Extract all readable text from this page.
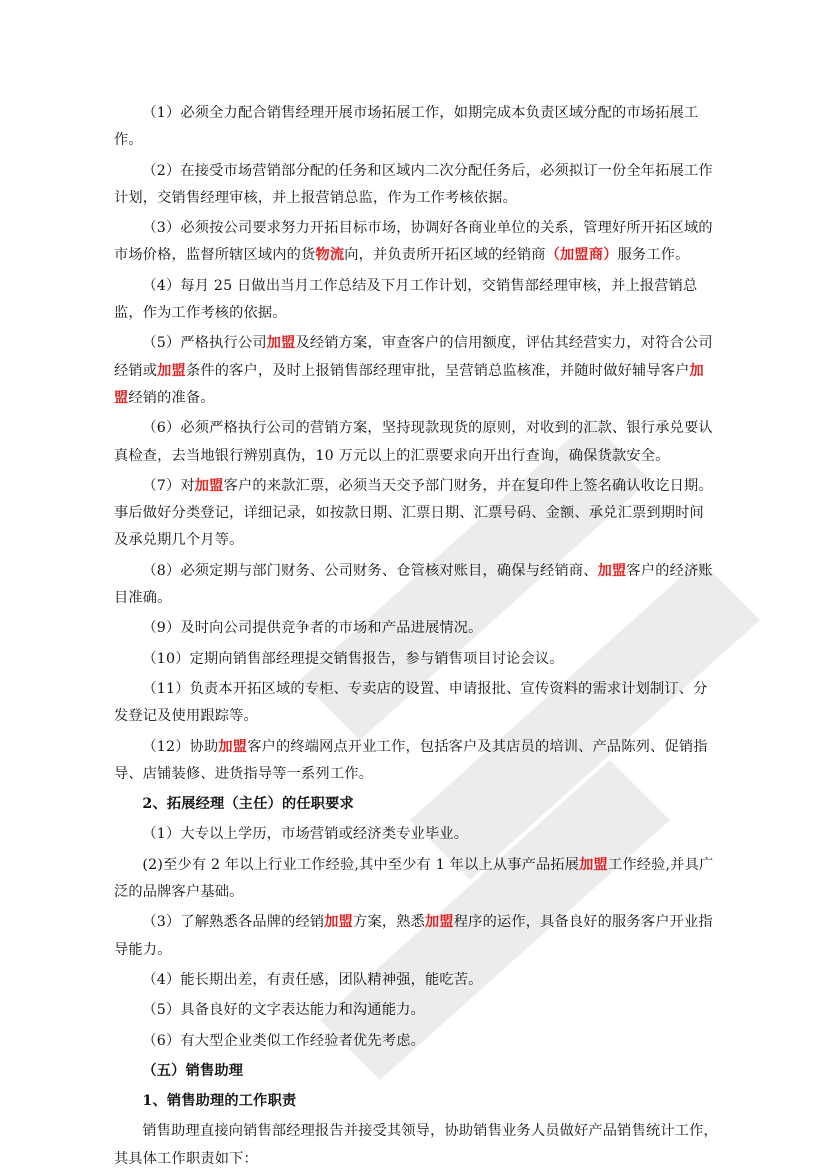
（1）必须全力配合销售经理开展市场拓展工作，如期完成本负责区域分配的市场拓展工作。

（2）在接受市场营销部分配的任务和区域内二次分配任务后，必须拟订一份全年拓展工作计划，交销售经理审核，并上报营销总监，作为工作考核依据。

（3）必须按公司要求努力开拓目标市场，协调好各商业单位的关系，管理好所开拓区域的市场价格，监督所辖区域内的货物流向，并负责所开拓区域的经销商（加盟商）服务工作。

（4）每月 25 日做出当月工作总结及下月工作计划，交销售部经理审核，并上报营销总监，作为工作考核的依据。

（5）严格执行公司加盟及经销方案，审查客户的信用额度，评估其经营实力，对符合公司经销或加盟条件的客户，及时上报销售部经理审批，呈营销总监核准，并随时做好辅导客户加盟经销的准备。

（6）必须严格执行公司的营销方案，坚持现款现货的原则，对收到的汇款、银行承兑要认真检查，去当地银行辨别真伪，10 万元以上的汇票要求向开出行查询，确保货款安全。

（7）对加盟客户的来款汇票，必须当天交予部门财务，并在复印件上签名确认收讫日期。事后做好分类登记，详细记录，如按款日期、汇票日期、汇票号码、金额、承兑汇票到期时间及承兑期几个月等。

（8）必须定期与部门财务、公司财务、仓管核对账目，确保与经销商、加盟客户的经济账目准确。

（9）及时向公司提供竞争者的市场和产品进展情况。

（10）定期向销售部经理提交销售报告，参与销售项目讨论会议。

（11）负责本开拓区域的专柜、专卖店的设置、申请报批、宣传资料的需求计划制订、分发登记及使用跟踪等。

（12）协助加盟客户的终端网点开业工作，包括客户及其店员的培训、产品陈列、促销指导、店铺装修、进货指导等一系列工作。

2、拓展经理（主任）的任职要求

（1）大专以上学历，市场营销或经济类专业毕业。

(2)至少有 2 年以上行业工作经验,其中至少有 1 年以上从事产品拓展加盟工作经验,并具广泛的品牌客户基础。

（3）了解熟悉各品牌的经销加盟方案，熟悉加盟程序的运作，具备良好的服务客户开业指导能力。

（4）能长期出差，有责任感，团队精神强，能吃苦。

（5）具备良好的文字表达能力和沟通能力。

（6）有大型企业类似工作经验者优先考虑。

（五）销售助理

1、销售助理的工作职责

销售助理直接向销售部经理报告并接受其领导，协助销售业务人员做好产品销售统计工作，其具体工作职责如下：
